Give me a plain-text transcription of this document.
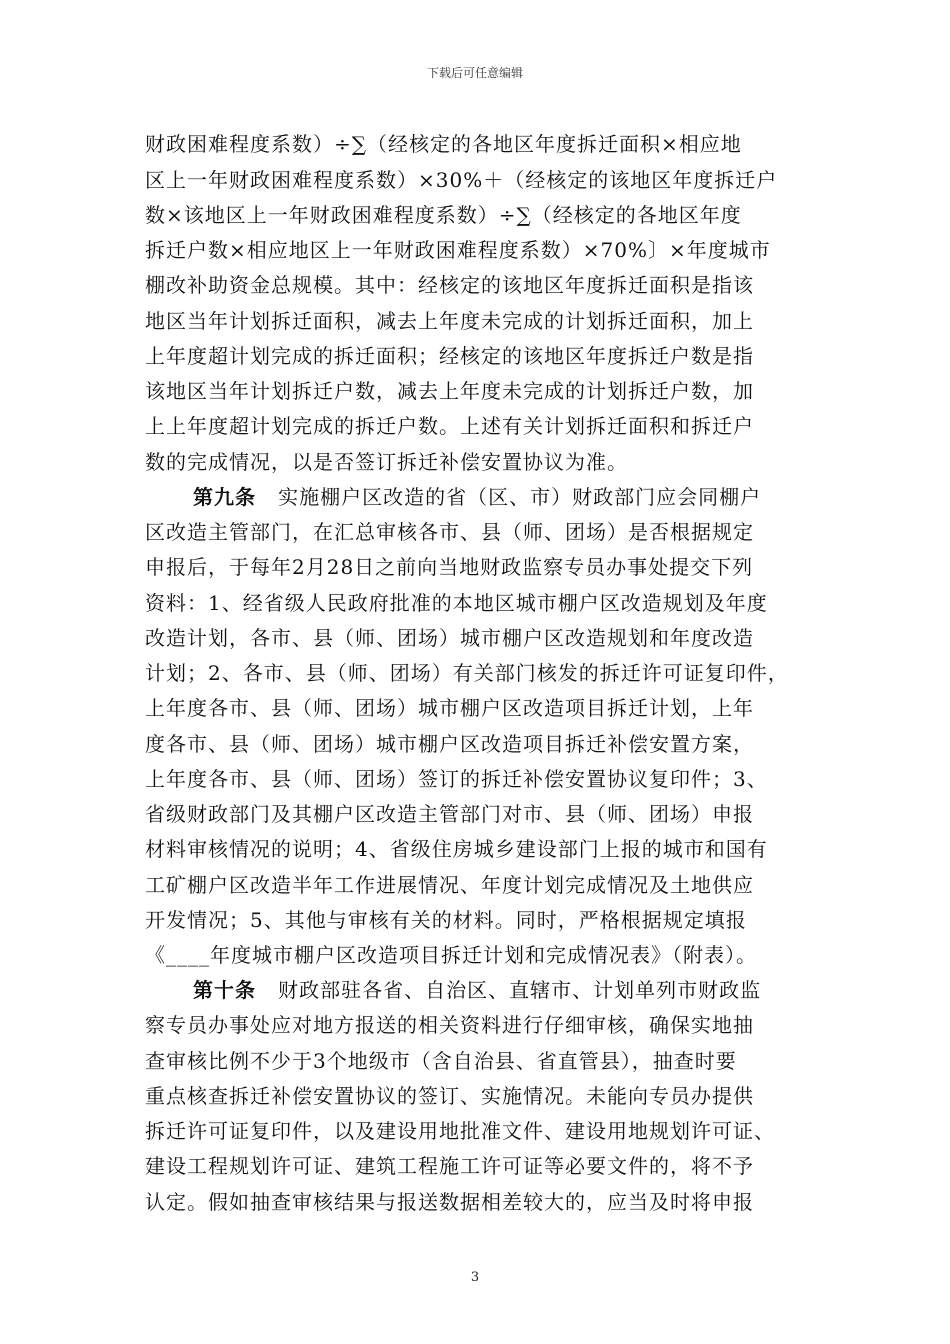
下载后可任意编辑
财政困难程度系数）÷∑（经核定的各地区年度拆迁面积×相应地
区上一年财政困难程度系数）×30%＋（经核定的该地区年度拆迁户
数×该地区上一年财政困难程度系数）÷∑（经核定的各地区年度
拆迁户数×相应地区上一年财政困难程度系数）×70%〕×年度城市
棚改补助资金总规模。其中：经核定的该地区年度拆迁面积是指该
地区当年计划拆迁面积，减去上年度未完成的计划拆迁面积，加上
上年度超计划完成的拆迁面积；经核定的该地区年度拆迁户数是指
该地区当年计划拆迁户数，减去上年度未完成的计划拆迁户数，加
上上年度超计划完成的拆迁户数。上述有关计划拆迁面积和拆迁户
数的完成情况，以是否签订拆迁补偿安置协议为准。
第九条 实施棚户区改造的省（区、市）财政部门应会同棚户
区改造主管部门，在汇总审核各市、县（师、团场）是否根据规定
申报后，于每年2月28日之前向当地财政监察专员办事处提交下列
资料：1、经省级人民政府批准的本地区城市棚户区改造规划及年度
改造计划，各市、县（师、团场）城市棚户区改造规划和年度改造
计划；2、各市、县（师、团场）有关部门核发的拆迁许可证复印件，
上年度各市、县（师、团场）城市棚户区改造项目拆迁计划，上年
度各市、县（师、团场）城市棚户区改造项目拆迁补偿安置方案，
上年度各市、县（师、团场）签订的拆迁补偿安置协议复印件；3、
省级财政部门及其棚户区改造主管部门对市、县（师、团场）申报
材料审核情况的说明；4、省级住房城乡建设部门上报的城市和国有
工矿棚户区改造半年工作进展情况、年度计划完成情况及土地供应
开发情况；5、其他与审核有关的材料。同时，严格根据规定填报
《____年度城市棚户区改造项目拆迁计划和完成情况表》（附表）。
第十条 财政部驻各省、自治区、直辖市、计划单列市财政监
察专员办事处应对地方报送的相关资料进行仔细审核，确保实地抽
查审核比例不少于3个地级市（含自治县、省直管县），抽查时要
重点核查拆迁补偿安置协议的签订、实施情况。未能向专员办提供
拆迁许可证复印件，以及建设用地批准文件、建设用地规划许可证、
建设工程规划许可证、建筑工程施工许可证等必要文件的，将不予
认定。假如抽查审核结果与报送数据相差较大的，应当及时将申报
3
